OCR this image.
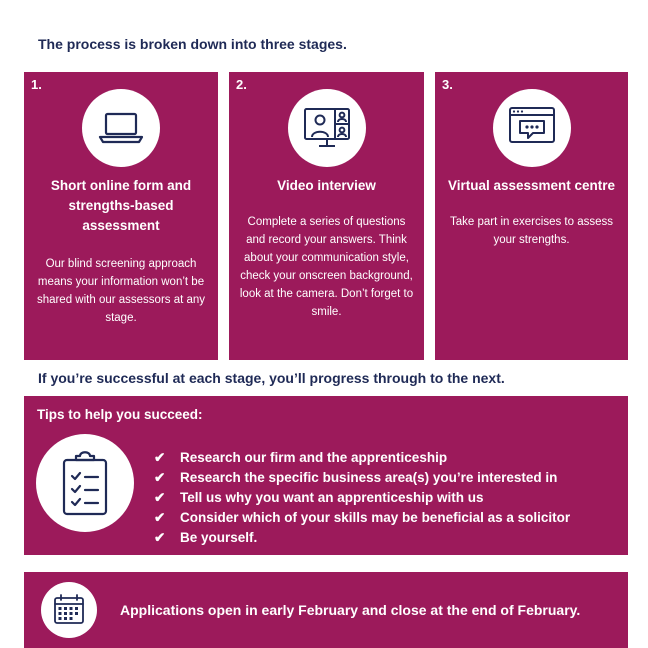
The process is broken down into three stages.
1.
Short online form and strengths-based assessment
Our blind screening approach means your information won’t be shared with our assessors at any stage.
2.
Video interview
Complete a series of questions and record your answers. Think about your communication style, check your onscreen background, look at the camera. Don’t forget to smile.
3.
Virtual assessment centre
Take part in exercises to assess your strengths.
If you’re successful at each stage, you’ll progress through to the next.
Tips to help you succeed:
✔ Research our firm and the apprenticeship
✔ Research the specific business area(s) you’re interested in
✔ Tell us why you want an apprenticeship with us
✔ Consider which of your skills may be beneficial as a solicitor
✔ Be yourself.
Applications open in early February and close at the end of February.
